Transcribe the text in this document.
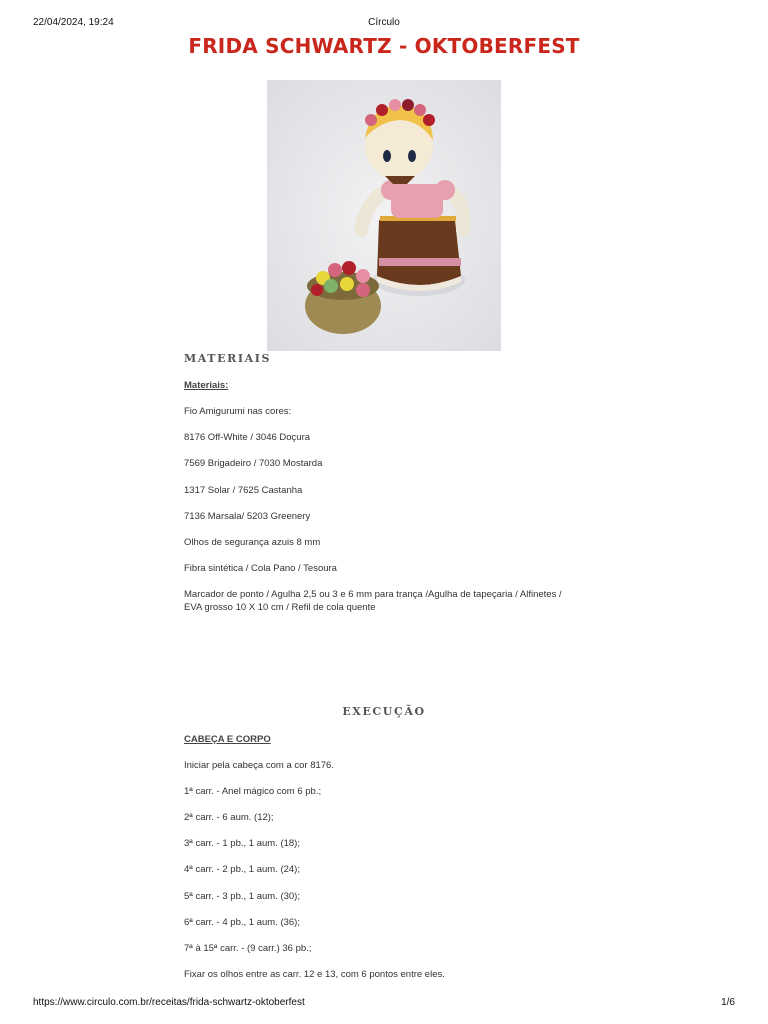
22/04/2024, 19:24	Círculo
FRIDA SCHWARTZ - OKTOBERFEST
MATERIAIS
Materiais:
Fio Amigurumi nas cores:
8176 Off-White / 3046 Doçura
7569 Brigadeiro / 7030 Mostarda
1317 Solar / 7625 Castanha
7136 Marsala/ 5203 Greenery
Olhos de segurança azuis 8 mm
Fibra sintética / Cola Pano / Tesoura
Marcador de ponto / Agulha 2,5 ou 3 e 6 mm para trança /Agulha de tapeçaria / Alfinetes / EVA grosso 10 X 10 cm / Refil de cola quente
EXECUÇÃO
CABEÇA E CORPO
Iniciar pela cabeça com a cor 8176.
1ª carr. - Anel mágico com 6 pb.;
2ª carr. - 6 aum. (12);
3ª carr. - 1 pb., 1 aum. (18);
4ª carr. - 2 pb., 1 aum. (24);
5ª carr. - 3 pb., 1 aum. (30);
6ª carr. - 4 pb., 1 aum. (36);
7ª à 15ª carr. - (9 carr.) 36 pb.;
Fixar os olhos entre as carr. 12 e 13, com 6 pontos entre eles.
https://www.circulo.com.br/receitas/frida-schwartz-oktoberfest	1/6
